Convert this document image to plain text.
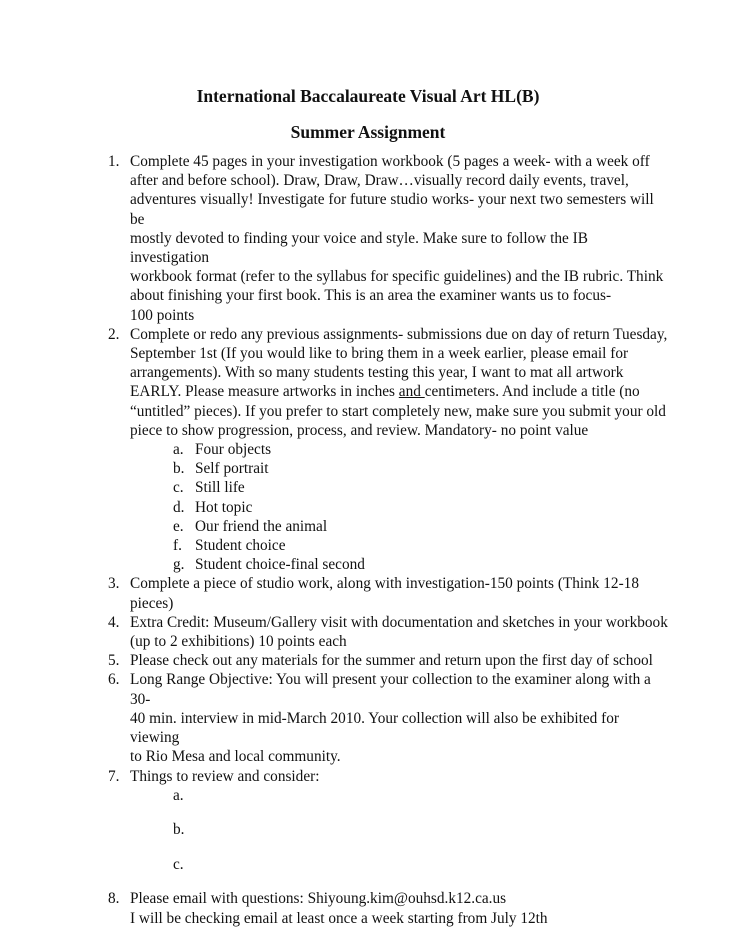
International Baccalaureate Visual Art HL(B)
Summer Assignment
1. Complete 45 pages in your investigation workbook (5 pages a week- with a week off
after and before school). Draw, Draw, Draw…visually record daily events, travel,
adventures visually! Investigate for future studio works- your next two semesters will be
mostly devoted to finding your voice and style. Make sure to follow the IB investigation
workbook format (refer to the syllabus for specific guidelines) and the IB rubric. Think
about finishing your first book. This is an area the examiner wants us to focus-
100 points
2. Complete or redo any previous assignments- submissions due on day of return Tuesday,
September 1st (If you would like to bring them in a week earlier, please email for
arrangements). With so many students testing this year, I want to mat all artwork
EARLY. Please measure artworks in inches and centimeters. And include a title (no
“untitled” pieces). If you prefer to start completely new, make sure you submit your old
piece to show progression, process, and review. Mandatory- no point value
a. Four objects
b. Self portrait
c. Still life
d. Hot topic
e. Our friend the animal
f. Student choice
g. Student choice-final second
3. Complete a piece of studio work, along with investigation-150 points (Think 12-18
pieces)
4. Extra Credit: Museum/Gallery visit with documentation and sketches in your workbook
(up to 2 exhibitions) 10 points each
5. Please check out any materials for the summer and return upon the first day of school
6. Long Range Objective: You will present your collection to the examiner along with a 30-
40 min. interview in mid-March 2010. Your collection will also be exhibited for viewing
to Rio Mesa and local community.
7. Things to review and consider:
a.
b.
c.
8. Please email with questions: Shiyoung.kim@ouhsd.k12.ca.us
I will be checking email at least once a week starting from July 12th
